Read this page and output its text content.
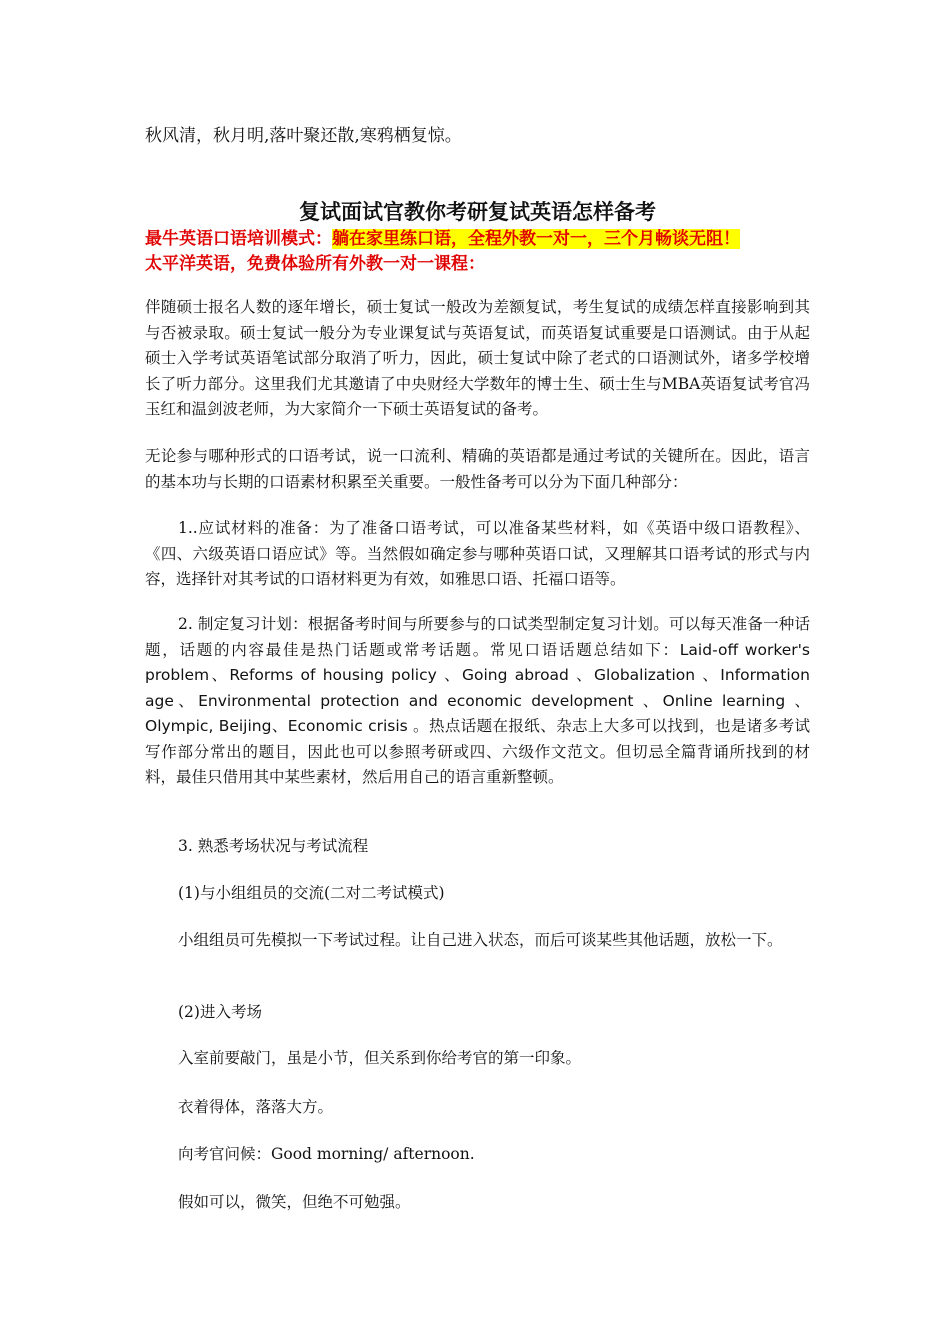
秋风清，秋月明,落叶聚还散,寒鸦栖复惊。
复试面试官教你考研复试英语怎样备考
最牛英语口语培训模式：躺在家里练口语，全程外教一对一，三个月畅谈无阻！
太平洋英语，免费体验所有外教一对一课程：

伴随硕士报名人数的逐年增长，硕士复试一般改为差额复试，考生复试的成绩怎样直接影响到其与否被录取。硕士复试一般分为专业课复试与英语复试，而英语复试重要是口语测试。由于从起硕士入学考试英语笔试部分取消了听力，因此，硕士复试中除了老式的口语测试外，诸多学校增长了听力部分。这里我们尤其邀请了中央财经大学数年的博士生、硕士生与MBA英语复试考官冯玉红和温剑波老师，为大家简介一下硕士英语复试的备考。

无论参与哪种形式的口语考试，说一口流利、精确的英语都是通过考试的关键所在。因此，语言的基本功与长期的口语素材积累至关重要。一般性备考可以分为下面几种部分：

1..应试材料的准备：为了准备口语考试，可以准备某些材料，如《英语中级口语教程》、《四、六级英语口语应试》等。当然假如确定参与哪种英语口试，又理解其口语考试的形式与内容，选择针对其考试的口语材料更为有效，如雅思口语、托福口语等。

2. 制定复习计划：根据备考时间与所要参与的口试类型制定复习计划。可以每天准备一种话题，话题的内容最佳是热门话题或常考话题。常见口语话题总结如下：Laid-off worker's problem、Reforms of housing policy 、Going abroad 、Globalization 、Information age、Environmental protection and economic development 、Online learning 、 Olympic, Beijing、Economic crisis 。热点话题在报纸、杂志上大多可以找到，也是诸多考试写作部分常出的题目，因此也可以参照考研或四、六级作文范文。但切忌全篇背诵所找到的材料，最佳只借用其中某些素材，然后用自己的语言重新整顿。

3. 熟悉考场状况与考试流程

(1)与小组组员的交流(二对二考试模式)

小组组员可先模拟一下考试过程。让自己进入状态，而后可谈某些其他话题，放松一下。

(2)进入考场

入室前要敲门，虽是小节，但关系到你给考官的第一印象。

衣着得体，落落大方。

向考官问候：Good morning/ afternoon.

假如可以，微笑，但绝不可勉强。
